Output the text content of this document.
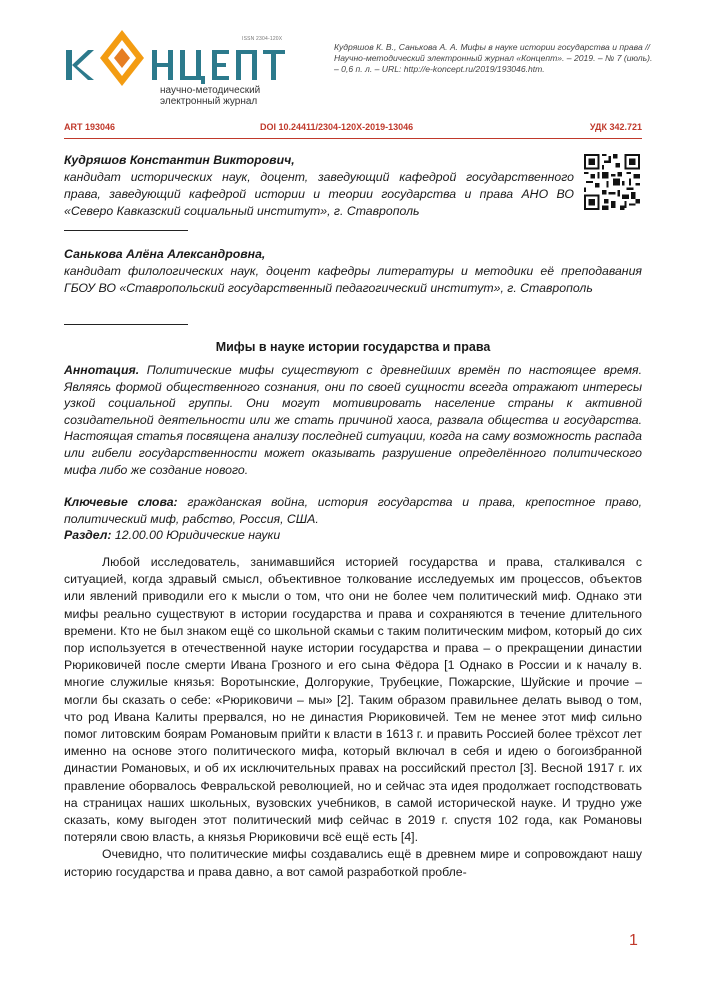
ISSN 2304-120X
научно-методический
электронный журнал
Кудряшов К. В., Санькова А. А. Мифы в науке истории государства и права // Научно-методический электронный журнал «Концепт». – 2019. – № 7 (июль). – 0,6 п. л. – URL: http://e-koncept.ru/2019/193046.htm.
ART 193046	DOI 10.24411/2304-120X-2019-13046	УДК 342.721
Кудряшов Константин Викторович,
кандидат исторических наук, доцент, заведующий кафедрой государственного права, заведующий кафедрой истории и теории государства и права АНО ВО «Северо Кавказский социальный институт», г. Ставрополь
Санькова Алёна Александровна,
кандидат филологических наук, доцент кафедры литературы и методики её преподавания ГБОУ ВО «Ставропольский государственный педагогический институт», г. Ставрополь
Мифы в науке истории государства и права
Аннотация. Политические мифы существуют с древнейших времён по настоящее время. Являясь формой общественного сознания, они по своей сущности всегда отражают интересы узкой социальной группы. Они могут мотивировать население страны к активной созидательной деятельности или же стать причиной хаоса, развала общества и государства. Настоящая статья посвящена анализу последней ситуации, когда на саму возможность распада или гибели государственности может оказывать разрушение определённого политического мифа либо же создание нового.
Ключевые слова: гражданская война, история государства и права, крепостное право, политический миф, рабство, Россия, США.
Раздел: 12.00.00 Юридические науки

Любой исследователь, занимавшийся историей государства и права, сталкивался с ситуацией, когда здравый смысл, объективное толкование исследуемых им процессов, объектов или явлений приводили его к мысли о том, что они не более чем политический миф. Однако эти мифы реально существуют в истории государства и права и сохраняются в течение длительного времени. Кто не был знаком ещё со школьной скамьи с таким политическим мифом, который до сих пор используется в отечественной науке истории государства и права – о прекращении династии Рюриковичей после смерти Ивана Грозного и его сына Фёдора [1 Однако в России и к началу в. многие служилые князья: Воротынские, Долгорукие, Трубецкие, Пожарские, Шуйские и прочие – могли бы сказать о себе: «Рюриковичи – мы» [2]. Таким образом правильнее делать вывод о том, что род Ивана Калиты прервался, но не династия Рюриковичей. Тем не менее этот миф сильно помог литовским боярам Романовым прийти к власти в 1613 г. и править Россией более трёхсот лет именно на основе этого политического мифа, который включал в себя и идею о богоизбранной династии Романовых, и об их исключительных правах на российский престол [3]. Весной 1917 г. их правление оборвалось Февральской революцией, но и сейчас эта идея продолжает господствовать на страницах наших школьных, вузовских учебников, в самой исторической науке. И трудно уже сказать, кому выгоден этот политический миф сейчас в 2019 г. спустя 102 года, как Романовы потеряли свою власть, а князья Рюриковичи всё ещё есть [4].

Очевидно, что политические мифы создавались ещё в древнем мире и сопровождают нашу историю государства и права давно, а вот самой разработкой пробле-

1
